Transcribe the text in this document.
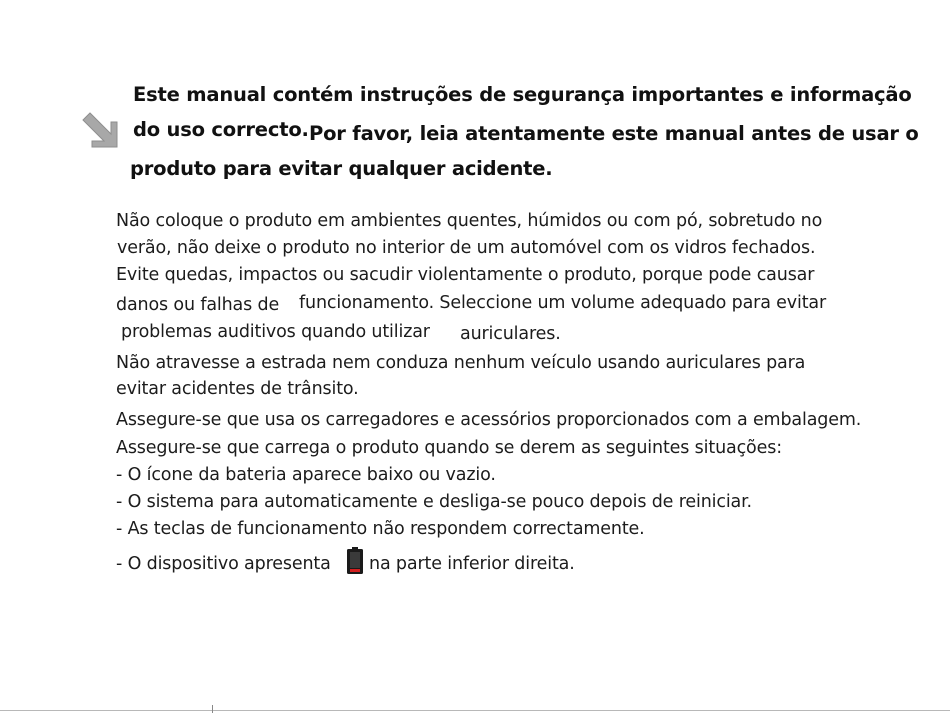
Este manual contém instruções de segurança importantes e informação
do uso correcto. Por favor, leia atentamente este manual antes de usar o
produto para evitar qualquer acidente.
Não coloque o produto em ambientes quentes, húmidos ou com pó, sobretudo no
verão, não deixe o produto no interior de um automóvel com os vidros fechados.
Evite quedas, impactos ou sacudir violentamente o produto, porque pode causar
danos ou falhas de funcionamento. Seleccione um volume adequado para evitar
problemas auditivos quando utilizar auriculares.
Não atravesse a estrada nem conduza nenhum veículo usando auriculares para
evitar acidentes de trânsito.
Assegure-se que usa os carregadores e acessórios proporcionados com a embalagem.
Assegure-se que carrega o produto quando se derem as seguintes situações:
- O ícone da bateria aparece baixo ou vazio.
- O sistema para automaticamente e desliga-se pouco depois de reiniciar.
- As teclas de funcionamento não respondem correctamente.
- O dispositivo apresenta na parte inferior direita.
